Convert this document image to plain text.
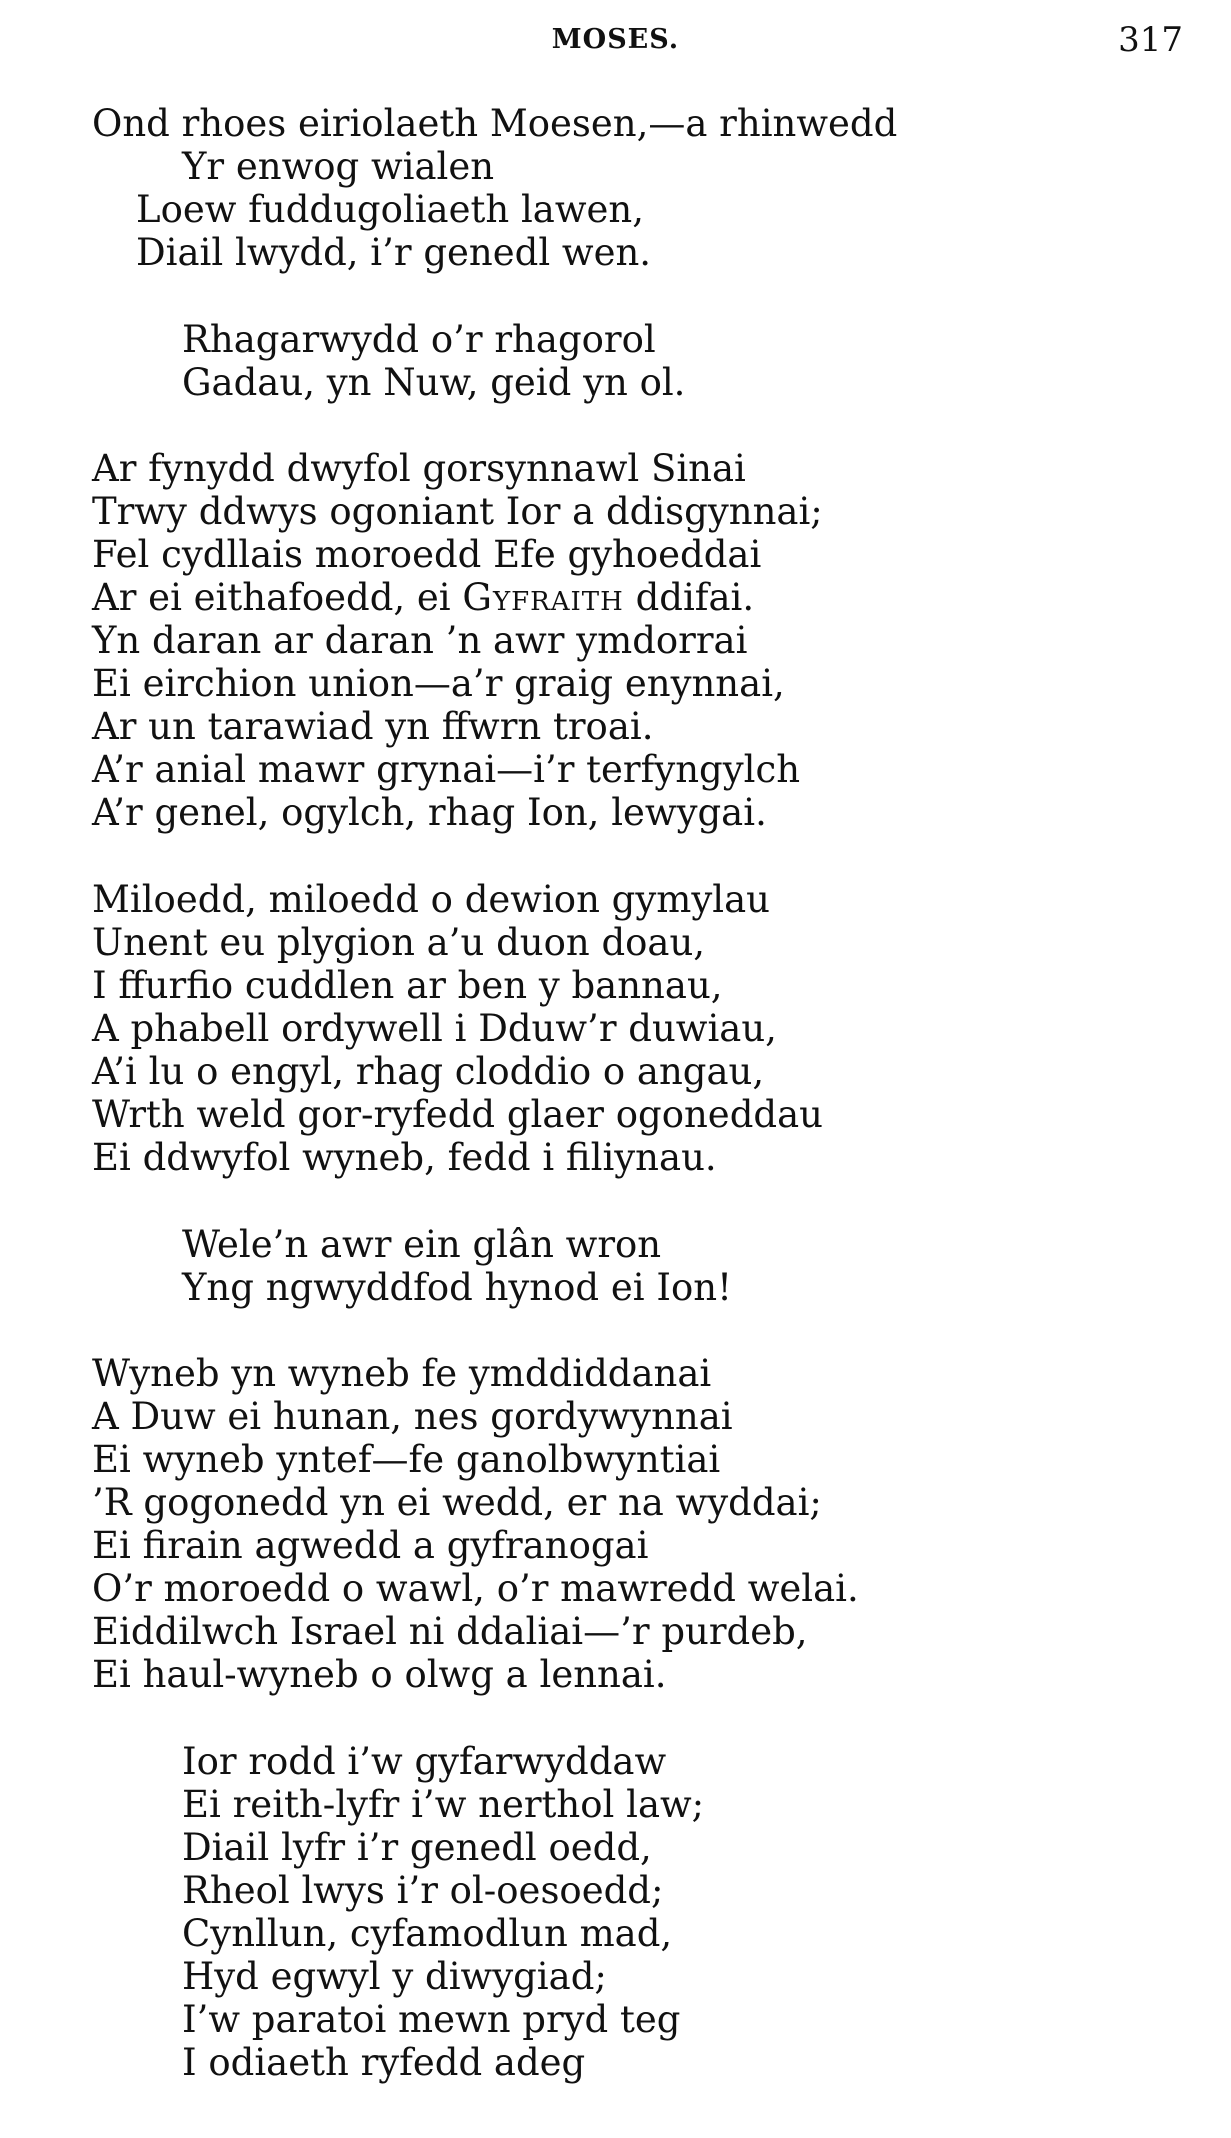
MOSES.	317
Ond rhoes eiriolaeth Moesen,—a rhinwedd
Yr enwog wialen
Loew fuddugoliaeth lawen,
Diail lwydd, i’r genedl wen.
Rhagarwydd o’r rhagorol
Gadau, yn Nuw, geid yn ol.
Ar fynydd dwyfol gorsynnawl Sinai
Trwy ddwys ogoniant Ior a ddisgynnai;
Fel cydllais moroedd Efe gyhoeddai
Ar ei eithafoedd, ei Gyfraith ddifai.
Yn daran ar daran ’n awr ymdorrai
Ei eirchion union—a’r graig enynnai,
Ar un tarawiad yn ffwrn troai.
A’r anial mawr grynai—i’r terfyngylch
A’r genel, ogylch, rhag Ion, lewygai.
Miloedd, miloedd o dewion gymylau
Unent eu plygion a’u duon doau,
I ffurfio cuddlen ar ben y bannau,
A phabell ordywell i Dduw’r duwiau,
A’i lu o engyl, rhag cloddio o angau,
Wrth weld gor-ryfedd glaer ogoneddau
Ei ddwyfol wyneb, fedd i filiynau.
Wele’n awr ein glân wron
Yng ngwyddfod hynod ei Ion!
Wyneb yn wyneb fe ymddiddanai
A Duw ei hunan, nes gordywynnai
Ei wyneb yntef—fe ganolbwyntiai
’R gogonedd yn ei wedd, er na wyddai;
Ei firain agwedd a gyfranogai
O’r moroedd o wawl, o’r mawredd welai.
Eiddilwch Israel ni ddaliai—’r purdeb,
Ei haul-wyneb o olwg a lennai.
Ior rodd i’w gyfarwyddaw
Ei reith-lyfr i’w nerthol law;
Diail lyfr i’r genedl oedd,
Rheol lwys i’r ol-oesoedd;
Cynllun, cyfamodlun mad,
Hyd egwyl y diwygiad;
I’w paratoi mewn pryd teg
I odiaeth ryfedd adeg
